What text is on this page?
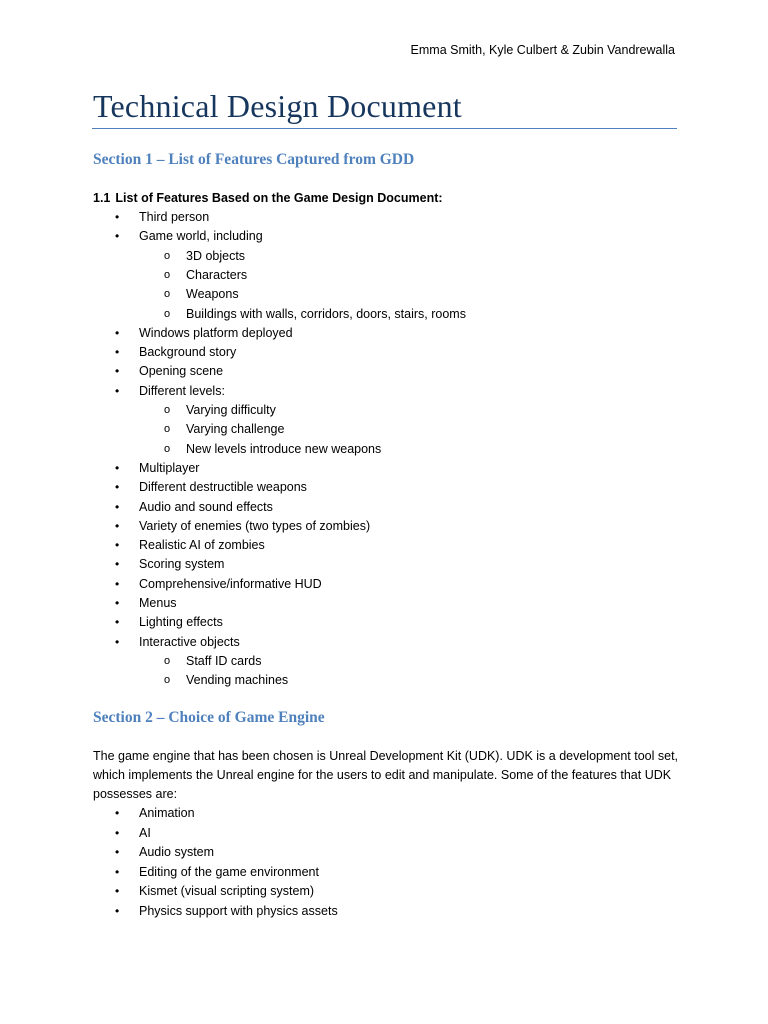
Emma Smith, Kyle Culbert & Zubin Vandrewalla
Technical Design Document
Section 1 – List of Features Captured from GDD

1.1 List of Features Based on the Game Design Document:

• Third person
• Game world, including
o 3D objects
o Characters
o Weapons
o Buildings with walls, corridors, doors, stairs, rooms
• Windows platform deployed
• Background story
• Opening scene
• Different levels:
o Varying difficulty
o Varying challenge
o New levels introduce new weapons
• Multiplayer
• Different destructible weapons
• Audio and sound effects
• Variety of enemies (two types of zombies)
• Realistic AI of zombies
• Scoring system
• Comprehensive/informative HUD
• Menus
• Lighting effects
• Interactive objects
o Staff ID cards
o Vending machines
Section 2 – Choice of Game Engine

The game engine that has been chosen is Unreal Development Kit (UDK). UDK is a development tool set, which implements the Unreal engine for the users to edit and manipulate. Some of the features that UDK possesses are:

• Animation
• AI
• Audio system
• Editing of the game environment
• Kismet (visual scripting system)
• Physics support with physics assets
